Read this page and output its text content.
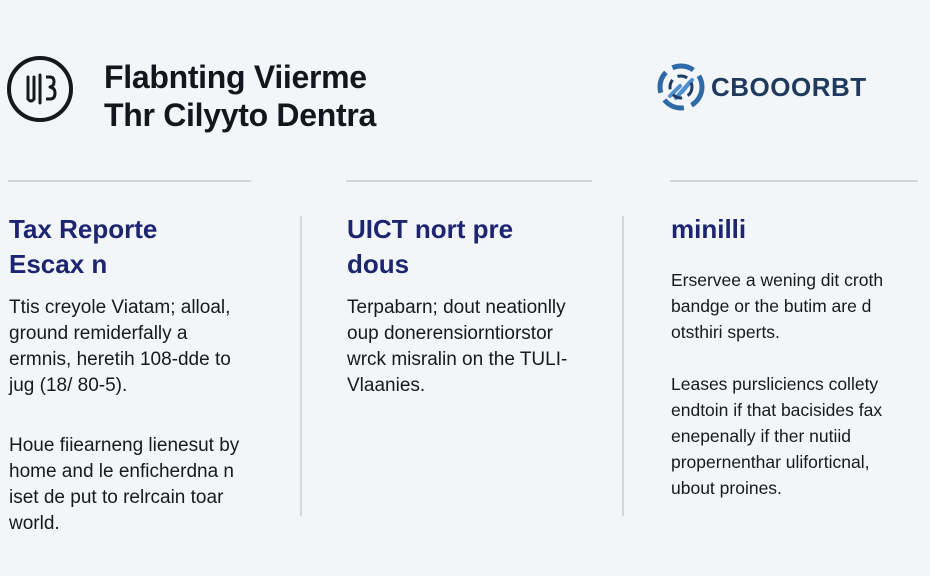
Flabnting Viierme
Thr Cilyyto Dentra
CBOOORBT
Tax Reporte
Escax n
Ttis creyole Viatam; alloal,
ground remiderfally a
ermnis, heretih 108-dde to
jug (18/ 80-5).
Houe fiiearneng lienesut by
home and le enficherdna n
iset de put to relrcain toar
world.
UICT nort pre
dous
Terpabarn; dout neationlly
oup donerensiorntiorstor
wrck misralin on the TULI-
Vlaanies.
minilli
Erservee a wening dit croth
bandge or the butim are d
otsthiri sperts.
Leases pursliciencs collety
endtoin if that bacisides fax
enepenally if ther nutiid
propernenthar uliforticnal,
ubout proines.
